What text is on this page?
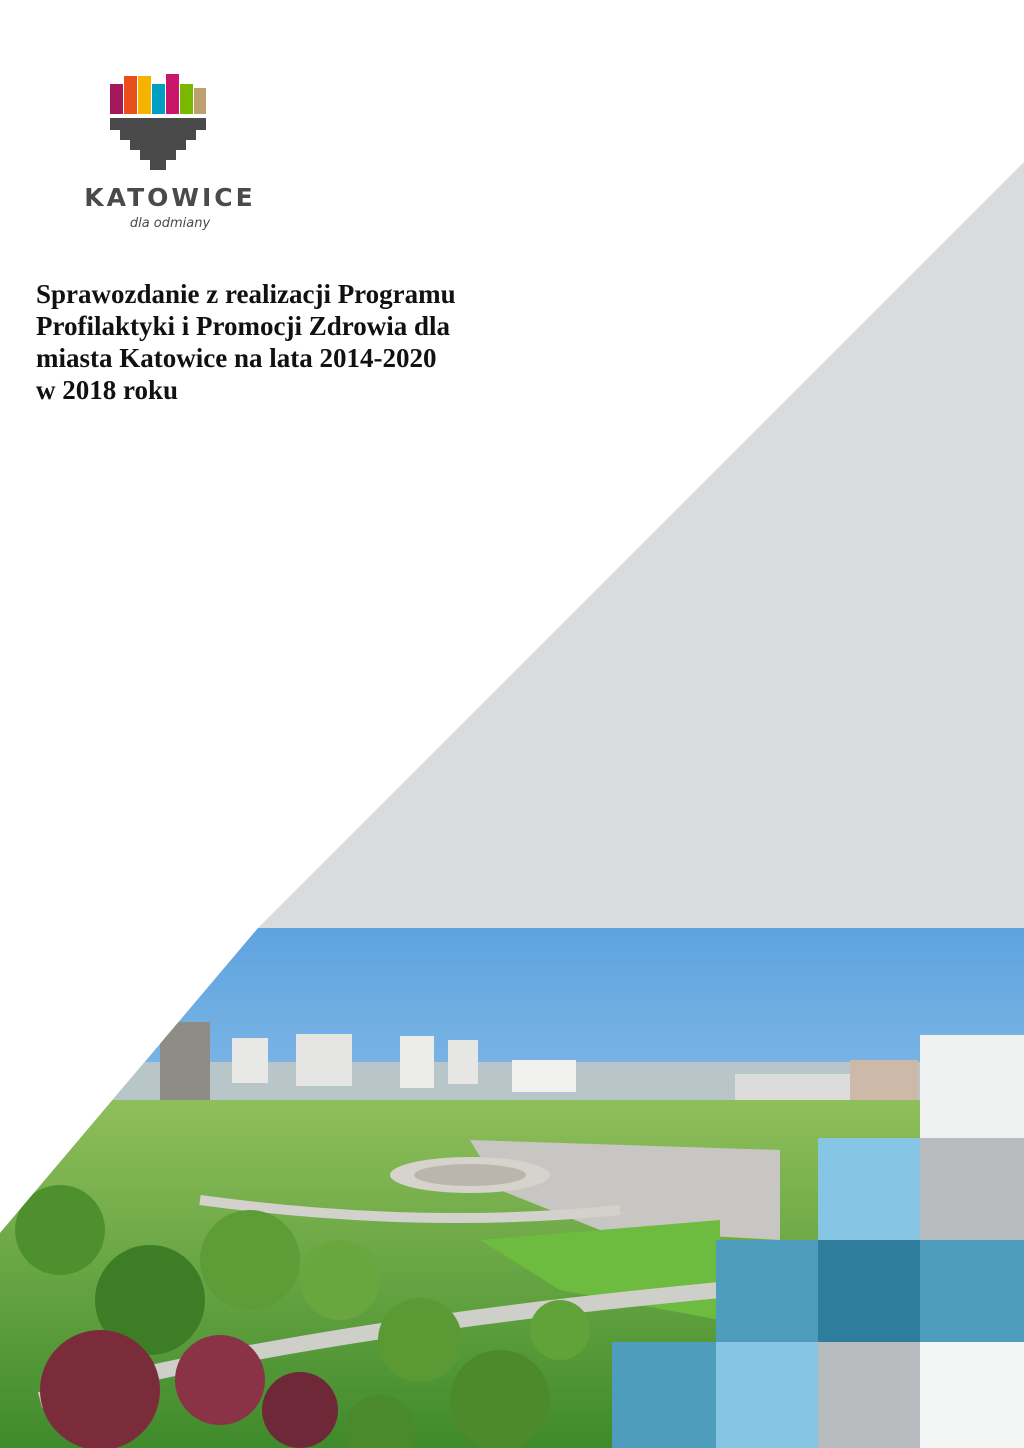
KATOWICE
dla odmiany
Sprawozdanie z realizacji Programu
Profilaktyki i Promocji Zdrowia dla
miasta Katowice na lata 2014-2020
w 2018 roku
